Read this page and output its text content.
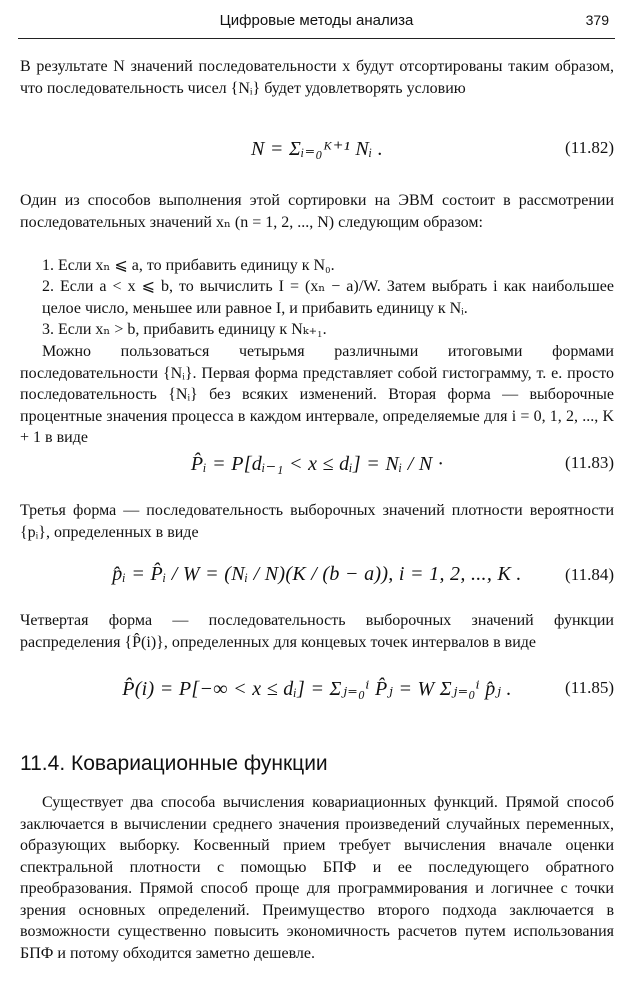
Цифровые методы анализа	379

В результате N значений последовательности x будут отсортированы таким образом, что последовательность чисел {Nᵢ} будет удовлетворять условию

N = Σᵢ₌₀ᴷ⁺¹ Nᵢ .	(11.82)

Один из способов выполнения этой сортировки на ЭВМ состоит в рассмотрении последовательных значений xₙ (n = 1, 2, ..., N) следующим образом:

1. Если xₙ ⩽ a, то прибавить единицу к N₀.

2. Если a < x ⩽ b, то вычислить I = (xₙ − a)/W. Затем выбрать i как наибольшее целое число, меньшее или равное I, и прибавить единицу к Nᵢ.

3. Если xₙ > b, прибавить единицу к Nₖ₊₁.

Можно пользоваться четырьмя различными итоговыми формами последовательности {Nᵢ}. Первая форма представляет собой гистограмму, т. е. просто последовательность {Nᵢ} без всяких изменений. Вторая форма — выборочные процентные значения процесса в каждом интервале, определяемые для i = 0, 1, 2, ..., K + 1 в виде

P̂ᵢ = P[dᵢ₋₁ < x ≤ dᵢ] = Nᵢ / N ·	(11.83)

Третья форма — последовательность выборочных значений плотности вероятности {pᵢ}, определенных в виде

p̂ᵢ = P̂ᵢ / W = (Nᵢ / N)(K / (b − a)), i = 1, 2, ..., K .	(11.84)

Четвертая форма — последовательность выборочных значений функции распределения {P̂(i)}, определенных для концевых точек интервалов в виде

P̂(i) = P[−∞ < x ≤ dᵢ] = Σⱼ₌₀ⁱ P̂ⱼ = W Σⱼ₌₀ⁱ p̂ⱼ .	(11.85)
11.4. Ковариационные функции

Существует два способа вычисления ковариационных функций. Прямой способ заключается в вычислении среднего значения произведений случайных переменных, образующих выборку. Косвенный прием требует вычисления вначале оценки спектральной плотности с помощью БПФ и ее последующего обратного преобразования. Прямой способ проще для программирования и логичнее с точки зрения основных определений. Преимущество второго подхода заключается в возможности существенно повысить экономичность расчетов путем использования БПФ и потому обходится заметно дешевле.
